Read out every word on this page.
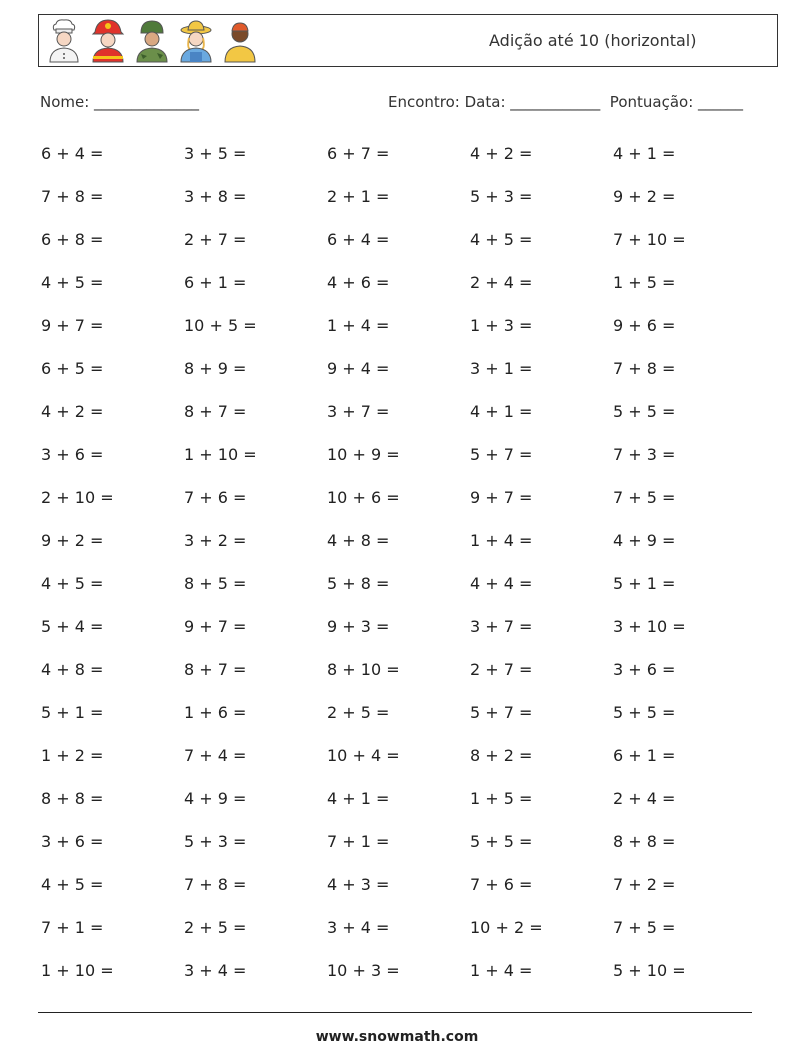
Adição até 10 (horizontal)
Nome: ______________	Encontro: Data: ____________  Pontuação: ______
6 + 4 =	3 + 5 =	6 + 7 =	4 + 2 =	4 + 1 =
7 + 8 =	3 + 8 =	2 + 1 =	5 + 3 =	9 + 2 =
6 + 8 =	2 + 7 =	6 + 4 =	4 + 5 =	7 + 10 =
4 + 5 =	6 + 1 =	4 + 6 =	2 + 4 =	1 + 5 =
9 + 7 =	10 + 5 =	1 + 4 =	1 + 3 =	9 + 6 =
6 + 5 =	8 + 9 =	9 + 4 =	3 + 1 =	7 + 8 =
4 + 2 =	8 + 7 =	3 + 7 =	4 + 1 =	5 + 5 =
3 + 6 =	1 + 10 =	10 + 9 =	5 + 7 =	7 + 3 =
2 + 10 =	7 + 6 =	10 + 6 =	9 + 7 =	7 + 5 =
9 + 2 =	3 + 2 =	4 + 8 =	1 + 4 =	4 + 9 =
4 + 5 =	8 + 5 =	5 + 8 =	4 + 4 =	5 + 1 =
5 + 4 =	9 + 7 =	9 + 3 =	3 + 7 =	3 + 10 =
4 + 8 =	8 + 7 =	8 + 10 =	2 + 7 =	3 + 6 =
5 + 1 =	1 + 6 =	2 + 5 =	5 + 7 =	5 + 5 =
1 + 2 =	7 + 4 =	10 + 4 =	8 + 2 =	6 + 1 =
8 + 8 =	4 + 9 =	4 + 1 =	1 + 5 =	2 + 4 =
3 + 6 =	5 + 3 =	7 + 1 =	5 + 5 =	8 + 8 =
4 + 5 =	7 + 8 =	4 + 3 =	7 + 6 =	7 + 2 =
7 + 1 =	2 + 5 =	3 + 4 =	10 + 2 =	7 + 5 =
1 + 10 =	3 + 4 =	10 + 3 =	1 + 4 =	5 + 10 =
www.snowmath.com
